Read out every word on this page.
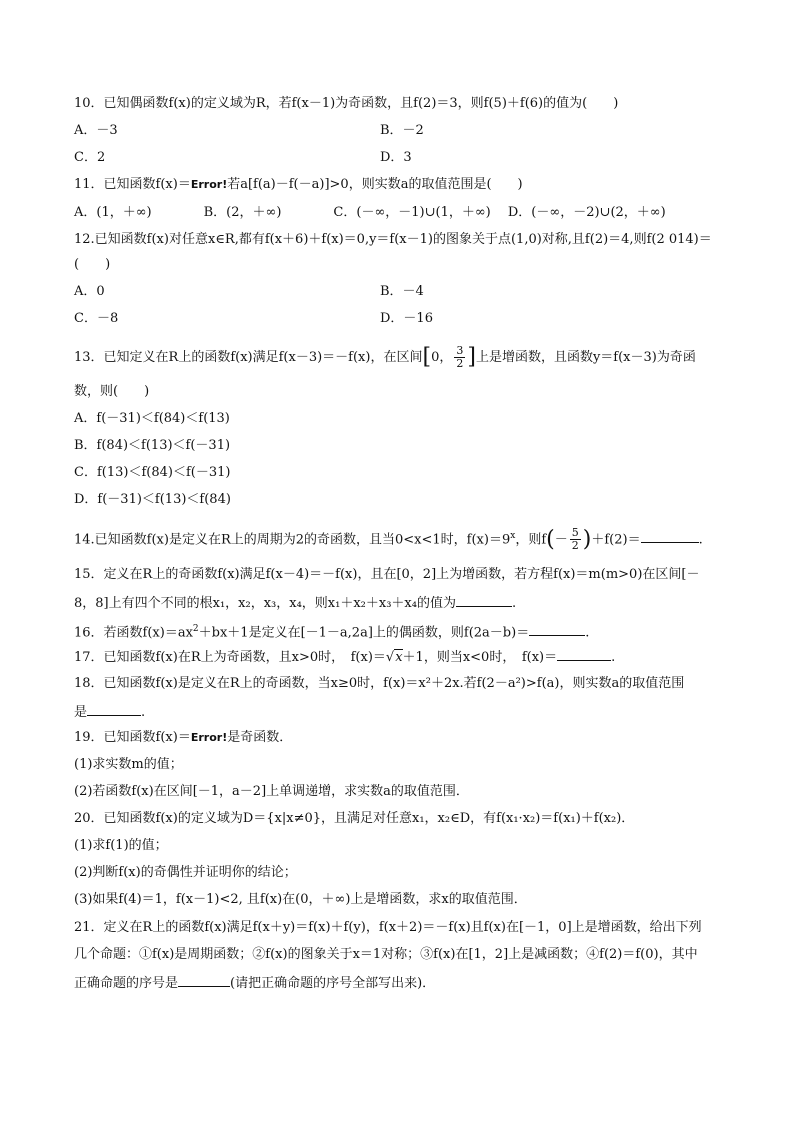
10．已知偶函数f(x)的定义域为R，若f(x－1)为奇函数，且f(2)＝3，则f(5)＋f(6)的值为(　　)
A．－3	B．－2
C．2	D．3
11．已知函数f(x)＝Error!若a[f(a)－f(－a)]>0，则实数a的取值范围是(　　)
A．(1，＋∞)　　　　B．(2，＋∞)　　　　C．(－∞，－1)∪(1，＋∞)　 D．(－∞，－2)∪(2，＋∞)
12.已知函数f(x)对任意x∈R,都有f(x＋6)＋f(x)＝0,y＝f(x－1)的图象关于点(1,0)对称,且f(2)＝4,则f(2 014)＝
(　　)
A．0	B．－4
C．－8	D．－16
13．已知定义在R上的函数f(x)满足f(x－3)＝－f(x)，在区间[0， $\frac{3}{2}$ ]上是增函数，且函数y＝f(x－3)为奇函
数，则(　　)
A．f(－31)＜f(84)＜f(13)
B．f(84)＜f(13)＜f(－31)
C．f(13)＜f(84)＜f(－31)
D．f(－31)＜f(13)＜f(84)
14.已知函数f(x)是定义在R上的周期为2的奇函数，且当0<x<1时，$f(x)=9^x$，则$f(- \frac{5}{2} )+f(2)=$	.
15．定义在R上的奇函数f(x)满足f(x－4)＝－f(x)，且在[0，2]上为增函数，若方程f(x)＝m(m>0)在区间[－
8，8]上有四个不同的根x₁，x₂，x₃，x₄，则x₁＋x₂＋x₃＋x₄的值为	.
16．若函数$f(x)=ax^2+bx+1$是定义在[－1－a,2a]上的偶函数，则f(2a－b)＝	.
17．已知函数f(x)在R上为奇函数，且x>0时，　f(x)＝√x＋1，则当x<0时，　f(x)＝	.
18．已知函数f(x)是定义在R上的奇函数，当x≥0时，f(x)＝x²＋2x.若f(2－a²)>f(a)，则实数a的取值范围
是	.
19．已知函数f(x)＝Error!是奇函数．
(1)求实数m的值；
(2)若函数f(x)在区间[－1，a－2]上单调递增，求实数a的取值范围．
20．已知函数f(x)的定义域为D＝{x|x≠0}，且满足对任意x₁，x₂∈D，有f(x₁·x₂)＝f(x₁)＋f(x₂)．
(1)求f(1)的值；
(2)判断f(x)的奇偶性并证明你的结论；
(3)如果f(4)＝1，f(x－1)<2, 且f(x)在(0，＋∞)上是增函数，求x的取值范围．
21．定义在R上的函数f(x)满足f(x＋y)＝f(x)＋f(y)，f(x＋2)＝－f(x)且f(x)在[－1，0]上是增函数，给出下列
几个命题：①f(x)是周期函数；②f(x)的图象关于x＝1对称；③f(x)在[1，2]上是减函数；④f(2)＝f(0)，其中
正确命题的序号是	(请把正确命题的序号全部写出来)．
